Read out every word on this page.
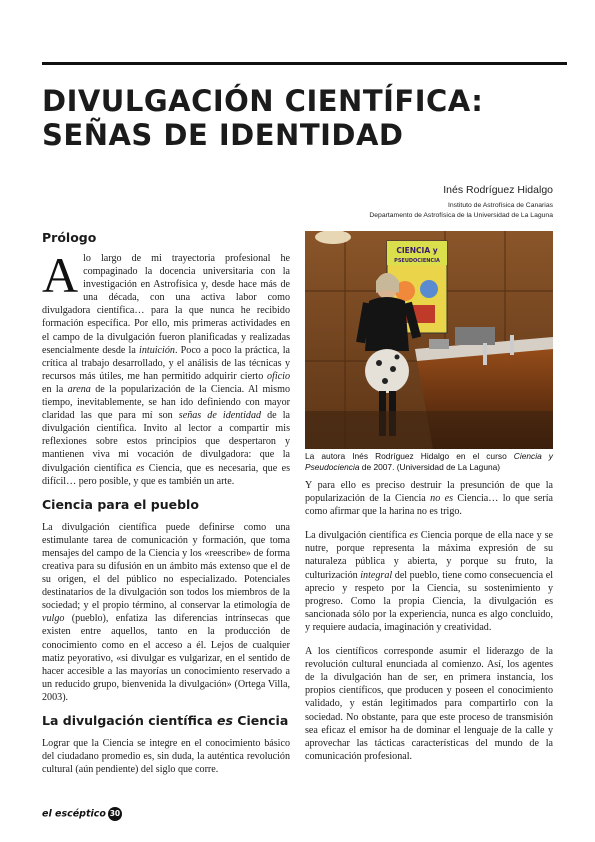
DIVULGACIÓN CIENTÍFICA:
SEÑAS DE IDENTIDAD
Inés Rodríguez Hidalgo
Instituto de Astrofísica de Canarias
Departamento de Astrofísica de la Universidad de La Laguna
Prólogo

Alo largo de mi trayectoria profesional he compaginado la docencia universitaria con la investigación en Astrofísica y, desde hace más de una década, con una activa labor como divulgadora científica… para la que nunca he recibido formación específica. Por ello, mis primeras actividades en el campo de la divulgación fueron planificadas y realizadas esencialmente desde la intuición. Poco a poco la práctica, la crítica al trabajo desarrollado, y el análisis de las técnicas y recursos más útiles, me han permitido adquirir cierto oficio en la arena de la popularización de la Ciencia. Al mismo tiempo, inevitablemente, se han ido definiendo con mayor claridad las que para mí son señas de identidad de la divulgación científica. Invito al lector a compartir mis reflexiones sobre estos principios que despertaron y mantienen viva mi vocación de divulgadora: que la divulgación científica es Ciencia, que es necesaria, que es difícil… pero posible, y que es también un arte.

Ciencia para el pueblo

La divulgación científica puede definirse como una estimulante tarea de comunicación y formación, que toma mensajes del campo de la Ciencia y los «reescribe» de forma creativa para su difusión en un ámbito más extenso que el de su origen, el del público no especializado. Potenciales destinatarios de la divulgación son todos los miembros de la sociedad; y el propio término, al conservar la etimología de vulgo (pueblo), enfatiza las diferencias intrínsecas que existen entre aquellos, tanto en la producción de conocimiento como en el acceso a él. Lejos de cualquier matiz peyorativo, «si divulgar es vulgarizar, en el sentido de hacer accesible a las mayorías un conocimiento reservado a un reducido grupo, bienvenida la divulgación» (Ortega Villa, 2003).

La divulgación científica es Ciencia

Lograr que la Ciencia se integre en el conocimiento básico del ciudadano promedio es, sin duda, la auténtica revolución cultural (aún pendiente) del siglo que corre.

CIENCIA y
PSEUDOCIENCIA
La autora Inés Rodríguez Hidalgo en el curso Ciencia y Pseudociencia de 2007. (Universidad de La Laguna)

Y para ello es preciso destruir la presunción de que la popularización de la Ciencia no es Ciencia… lo que sería como afirmar que la harina no es trigo.

La divulgación científica es Ciencia porque de ella nace y se nutre, porque representa la máxima expresión de su naturaleza pública y abierta, y porque su fruto, la culturización integral del pueblo, tiene como consecuencia el aprecio y respeto por la Ciencia, su sostenimiento y progreso. Como la propia Ciencia, la divulgación es sancionada sólo por la experiencia, nunca es algo concluido, y requiere audacia, imaginación y creatividad.

A los científicos corresponde asumir el liderazgo de la revolución cultural enunciada al comienzo. Así, los agentes de la divulgación han de ser, en primera instancia, los propios científicos, que producen y poseen el conocimiento validado, y están legitimados para compartirlo con la sociedad. No obstante, para que este proceso de transmisión sea eficaz el emisor ha de dominar el lenguaje de la calle y aprovechar las tácticas características del mundo de la comunicación profesional.

el escéptico 30
